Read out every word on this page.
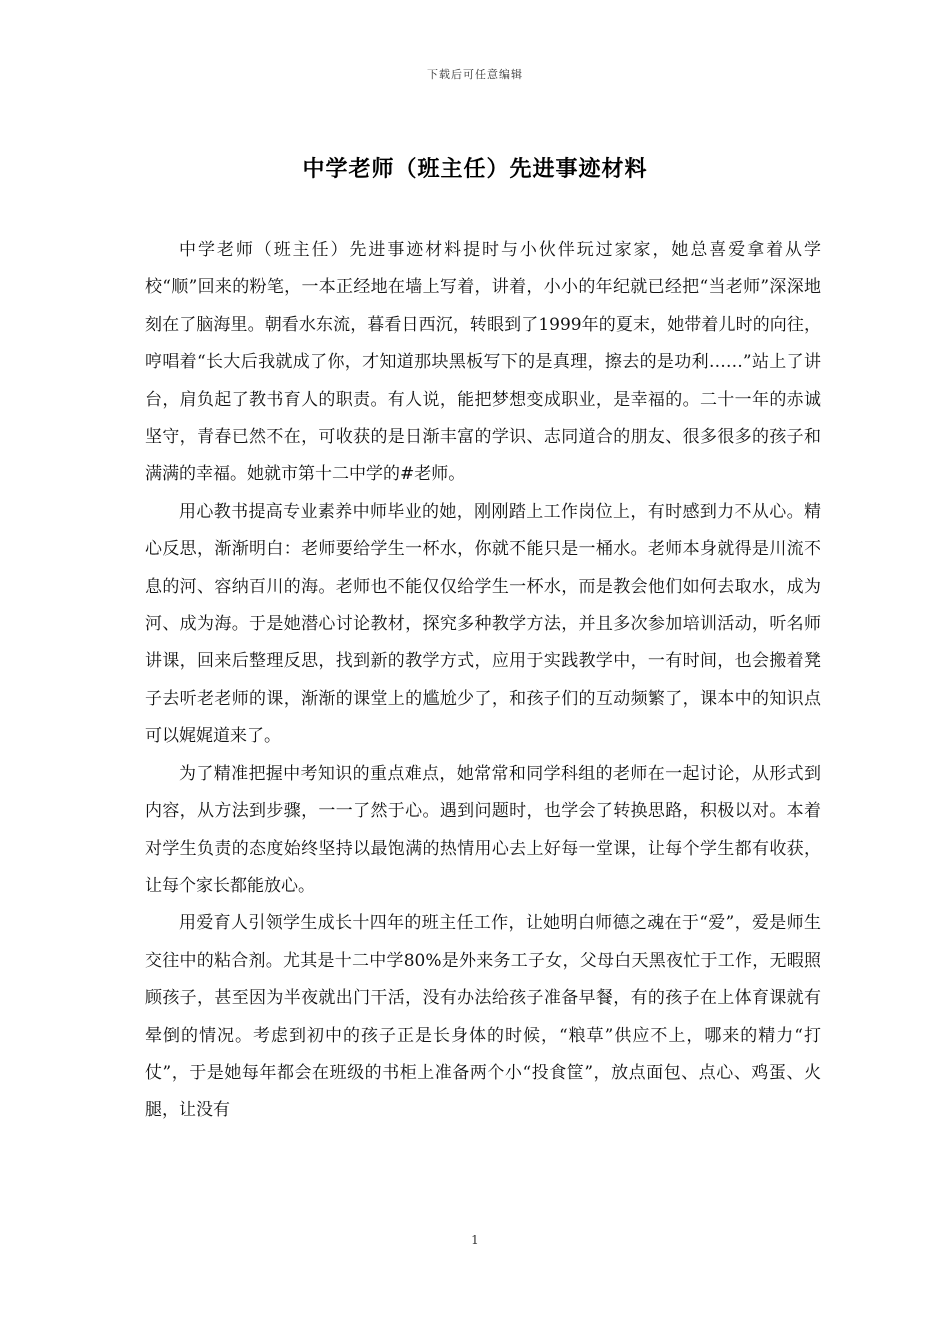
下载后可任意编辑
中学老师（班主任）先进事迹材料

中学老师（班主任）先进事迹材料提时与小伙伴玩过家家，她总喜爱拿着从学校“顺”回来的粉笔，一本正经地在墙上写着，讲着，小小的年纪就已经把“当老师”深深地刻在了脑海里。朝看水东流，暮看日西沉，转眼到了1999年的夏末，她带着儿时的向往，哼唱着“长大后我就成了你，才知道那块黑板写下的是真理，擦去的是功利……”站上了讲台，肩负起了教书育人的职责。有人说，能把梦想变成职业，是幸福的。二十一年的赤诚坚守，青春已然不在，可收获的是日渐丰富的学识、志同道合的朋友、很多很多的孩子和满满的幸福。她就市第十二中学的#老师。

用心教书提高专业素养中师毕业的她，刚刚踏上工作岗位上，有时感到力不从心。精心反思，渐渐明白：老师要给学生一杯水，你就不能只是一桶水。老师本身就得是川流不息的河、容纳百川的海。老师也不能仅仅给学生一杯水，而是教会他们如何去取水，成为河、成为海。于是她潜心讨论教材，探究多种教学方法，并且多次参加培训活动，听名师讲课，回来后整理反思，找到新的教学方式，应用于实践教学中，一有时间，也会搬着凳子去听老老师的课，渐渐的课堂上的尴尬少了，和孩子们的互动频繁了，课本中的知识点可以娓娓道来了。

为了精准把握中考知识的重点难点，她常常和同学科组的老师在一起讨论，从形式到内容，从方法到步骤，一一了然于心。遇到问题时，也学会了转换思路，积极以对。本着对学生负责的态度始终坚持以最饱满的热情用心去上好每一堂课，让每个学生都有收获，让每个家长都能放心。

用爱育人引领学生成长十四年的班主任工作，让她明白师德之魂在于“爱”，爱是师生交往中的粘合剂。尤其是十二中学80%是外来务工子女，父母白天黑夜忙于工作，无暇照顾孩子，甚至因为半夜就出门干活，没有办法给孩子准备早餐，有的孩子在上体育课就有晕倒的情况。考虑到初中的孩子正是长身体的时候，“粮草”供应不上，哪来的精力“打仗”，于是她每年都会在班级的书柜上准备两个小“投食筐”，放点面包、点心、鸡蛋、火腿，让没有

1
